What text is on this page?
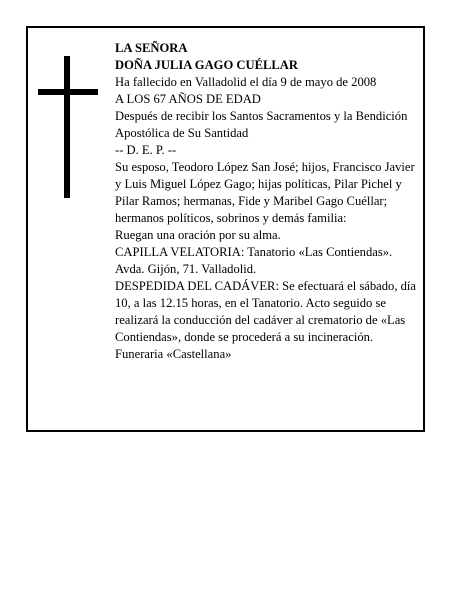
LA SEÑORA

DOÑA JULIA GAGO CUÉLLAR

Ha fallecido en Valladolid el día 9 de mayo de 2008

A LOS 67 AÑOS DE EDAD

Después de recibir los Santos Sacramentos y la Bendición Apostólica de Su Santidad

-- D. E. P. --

Su esposo, Teodoro López San José; hijos, Francisco Javier y Luis Miguel López Gago; hijas políticas, Pilar Pichel y Pilar Ramos; hermanas, Fide y Maribel Gago Cuéllar; hermanos políticos, sobrinos y demás familia:

Ruegan una oración por su alma.

CAPILLA VELATORIA: Tanatorio «Las Contiendas». Avda. Gijón, 71. Valladolid.

DESPEDIDA DEL CADÁVER: Se efectuará el sábado, día 10, a las 12.15 horas, en el Tanatorio. Acto seguido se realizará la conducción del cadáver al crematorio de «Las Contiendas», donde se procederá a su incineración.

Funeraria «Castellana»
